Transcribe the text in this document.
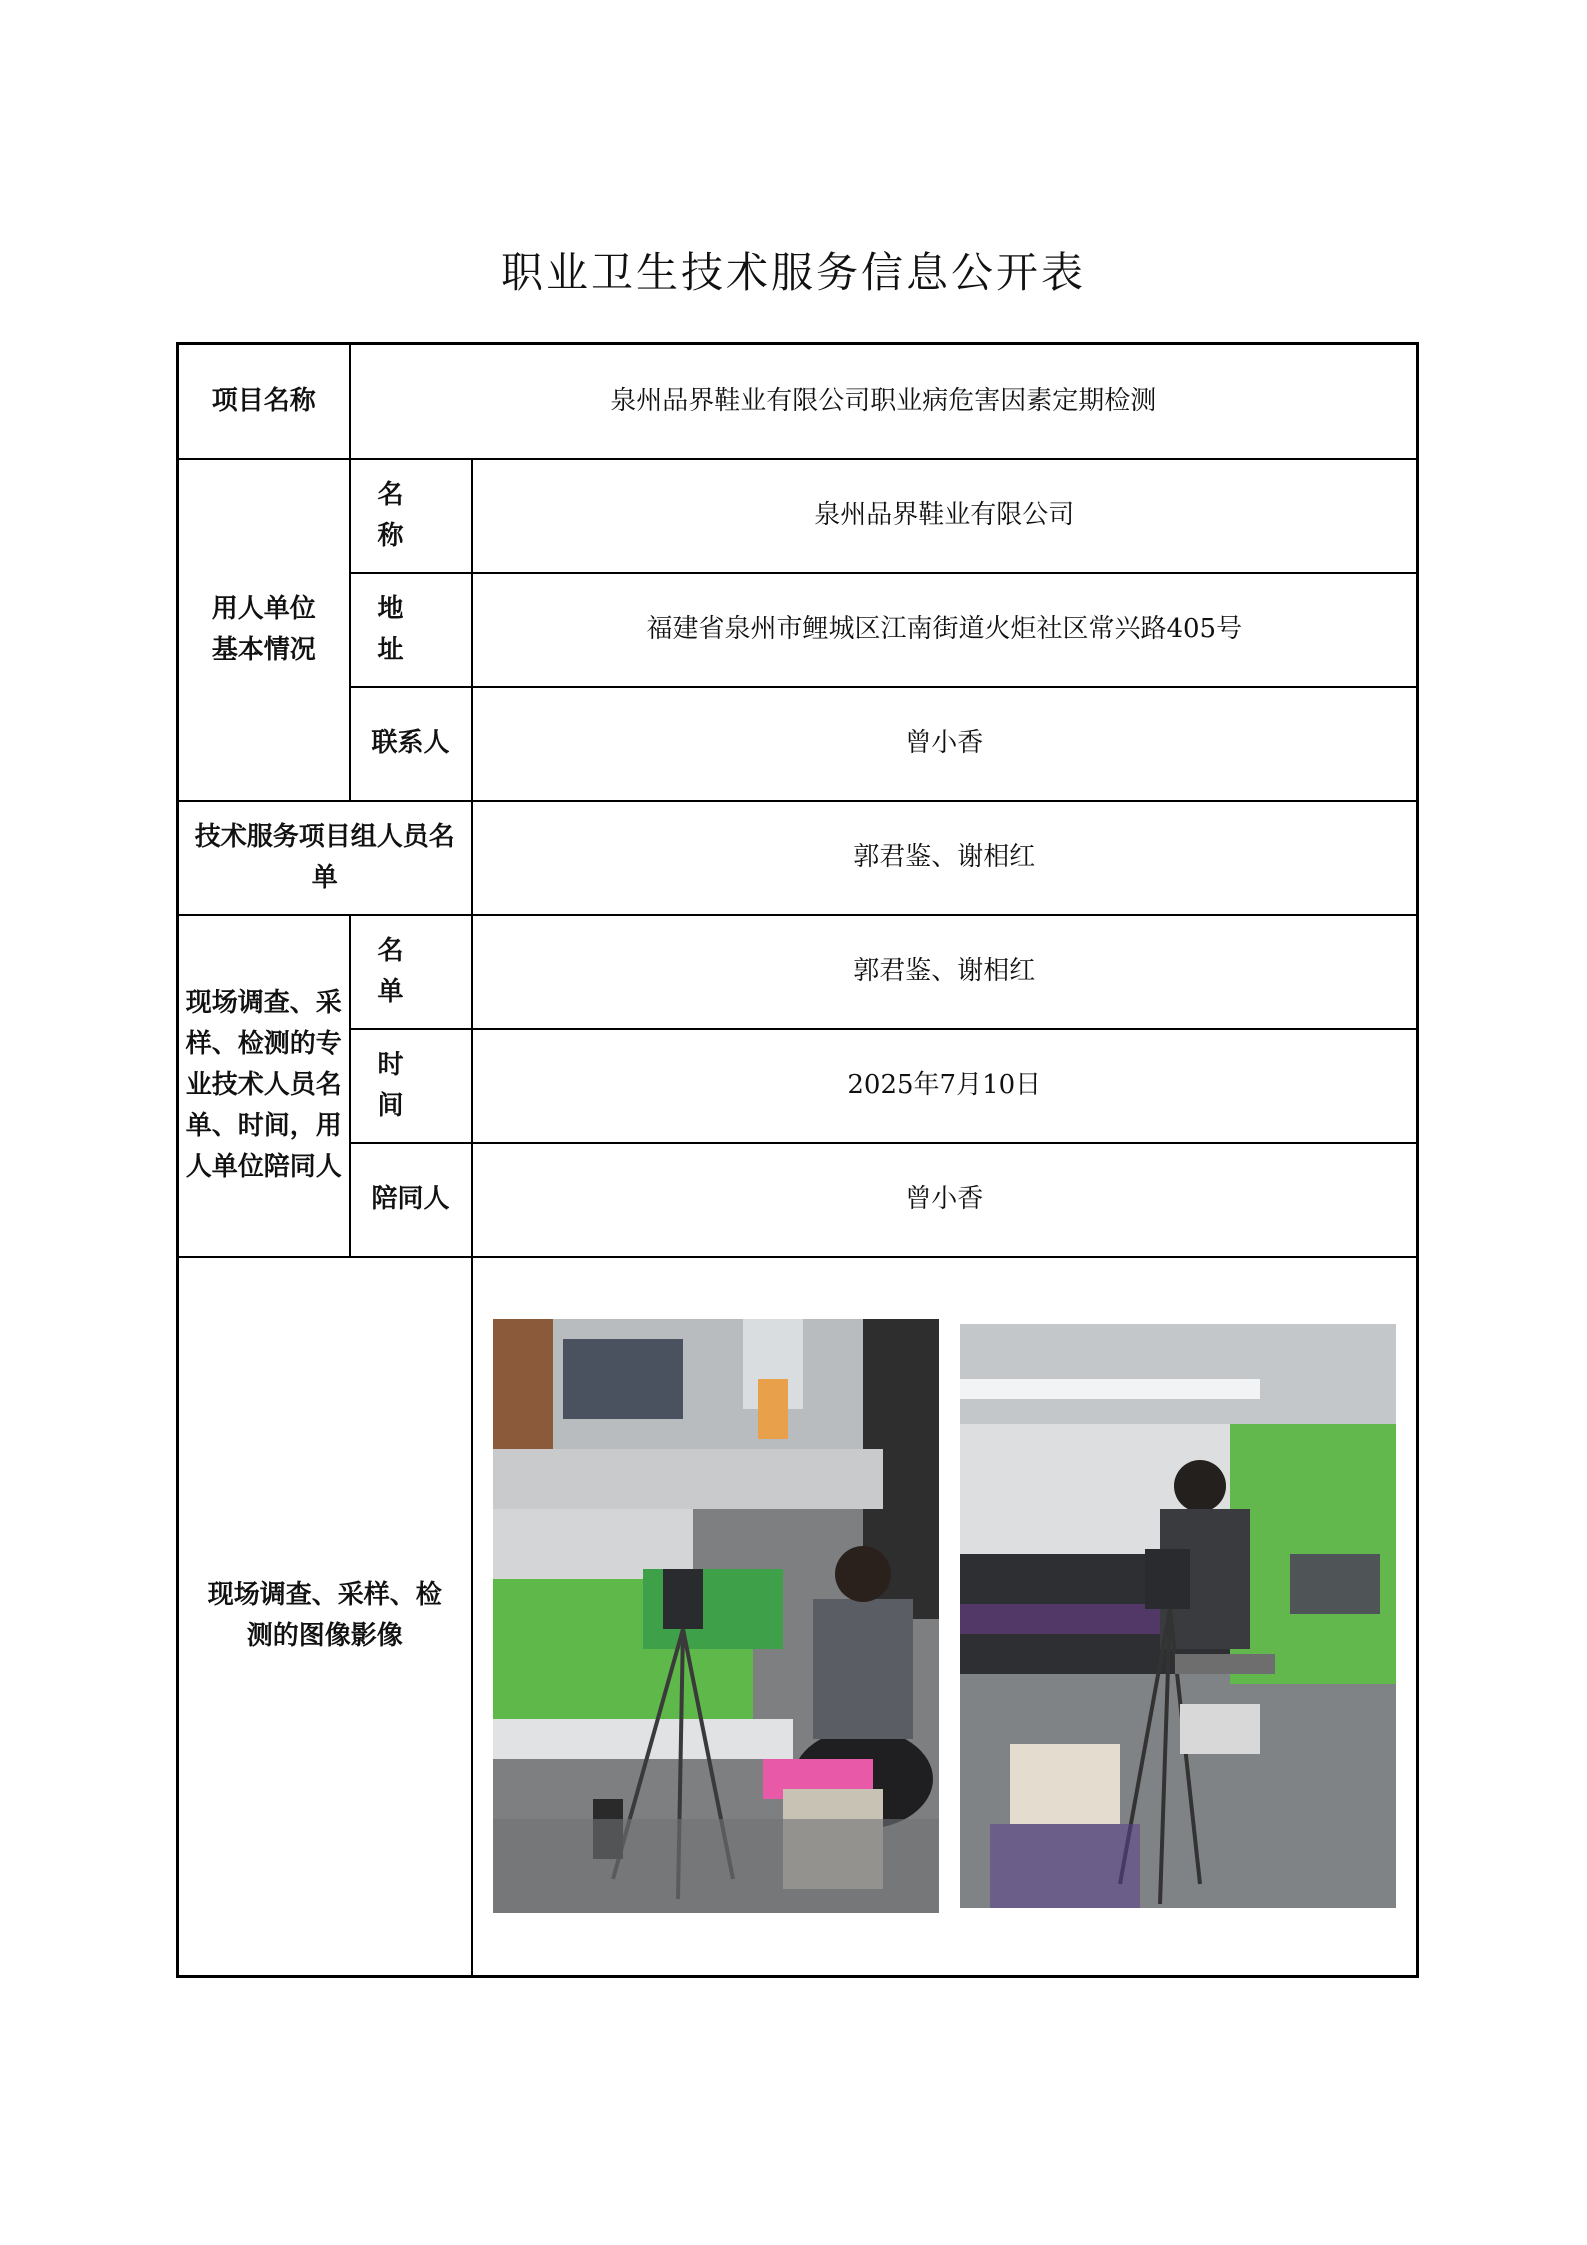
职业卫生技术服务信息公开表
项目名称	泉州品界鞋业有限公司职业病危害因素定期检测	
用人单位基本情况	名 称	泉州品界鞋业有限公司
	地 址	福建省泉州市鲤城区江南街道火炬社区常兴路405号
	联系人	曾小香
技术服务项目组人员名单		郭君鉴、谢相红
现场调查、采样、检测的专业技术人员名单、时间，用人单位陪同人	名 单	郭君鉴、谢相红
	时 间	2025年7月10日
	陪同人	曾小香
现场调查、采样、检测的图像影像	
